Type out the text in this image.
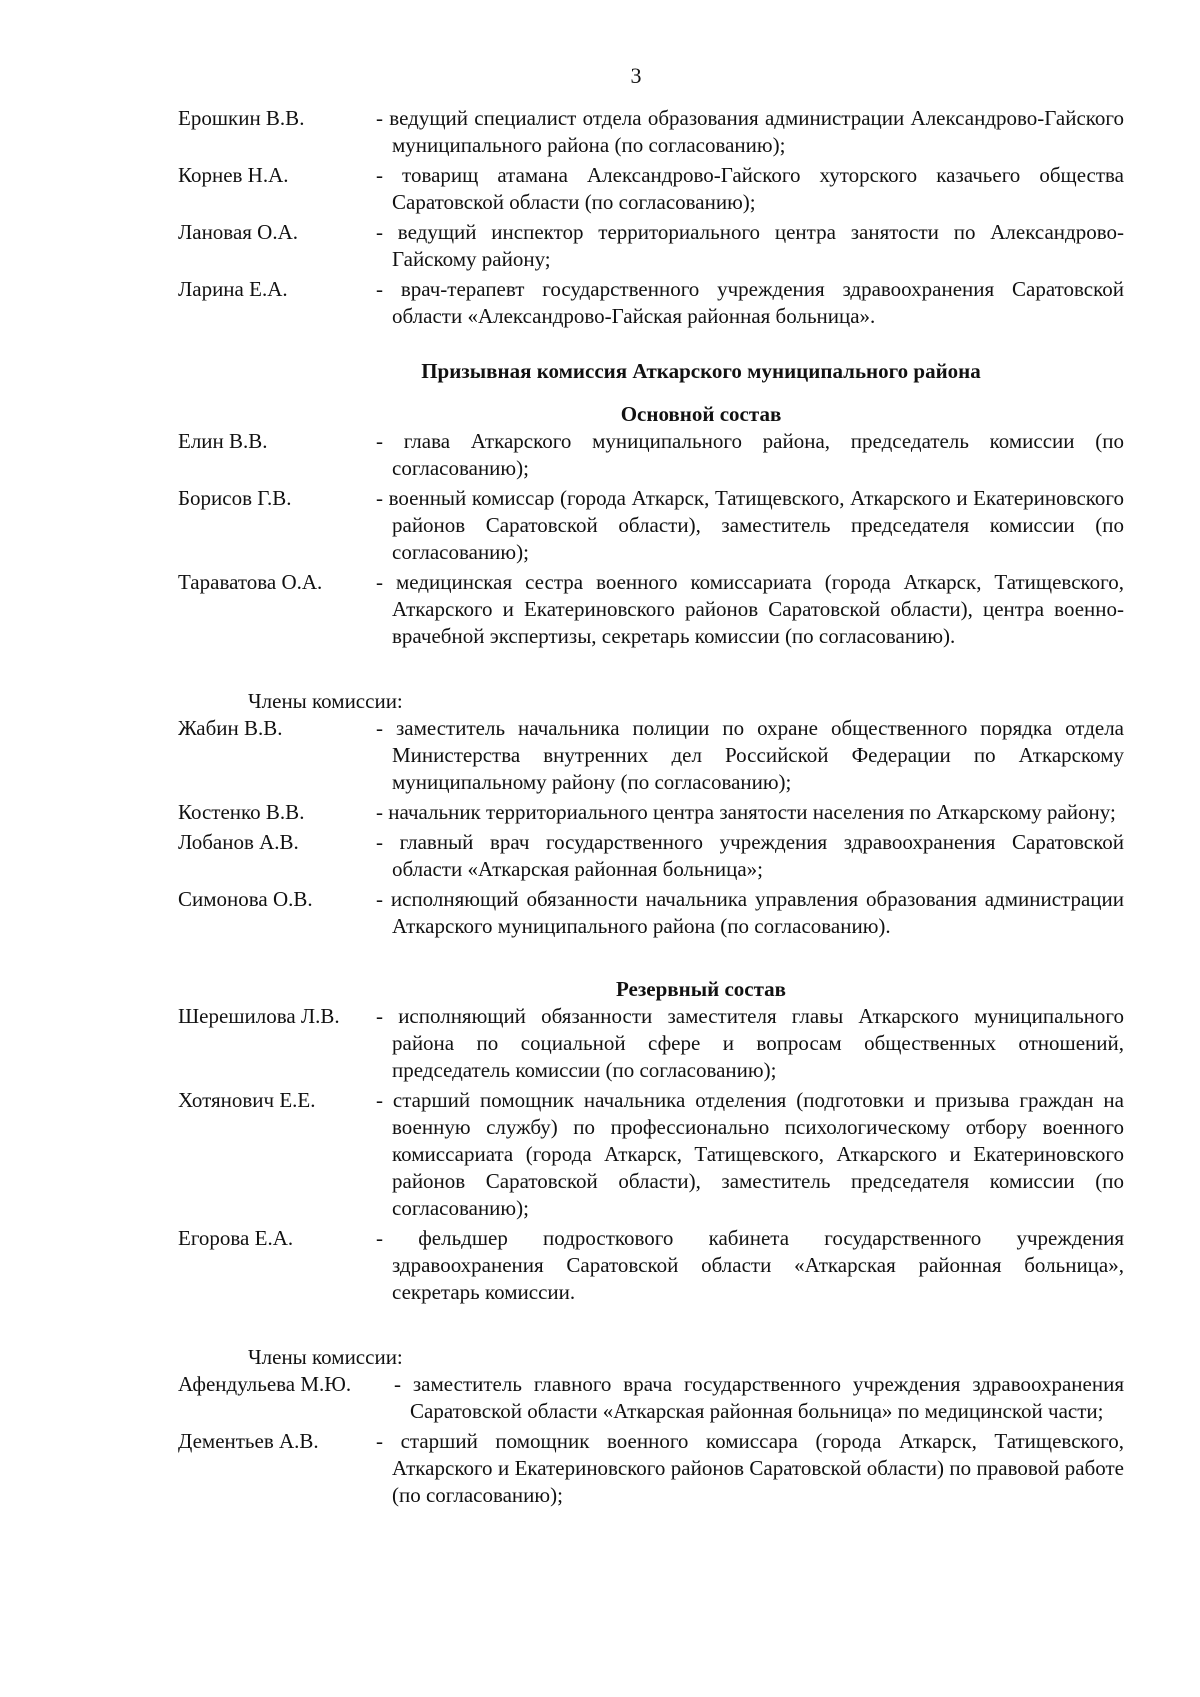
3
Ерошкин В.В.	- ведущий специалист отдела образования администрации Александрово-Гайского муниципального района (по согласованию);
Корнев Н.А.	- товарищ атамана Александрово-Гайского хуторского казачьего общества Саратовской области (по согласованию);
Лановая О.А.	- ведущий инспектор территориального центра занятости по Александрово-Гайскому району;
Ларина Е.А.	- врач-терапевт государственного учреждения здравоохранения Саратовской области «Александрово-Гайская районная больница».
Призывная комиссия Аткарского муниципального района
Основной состав
Елин В.В.	- глава Аткарского муниципального района, председатель комиссии (по согласованию);
Борисов Г.В.	- военный комиссар (города Аткарск, Татищевского, Аткарского и Екатериновского районов Саратовской области), заместитель председателя комиссии (по согласованию);
Тараватова О.А.	- медицинская сестра военного комиссариата (города Аткарск, Татищевского, Аткарского и Екатериновского районов Саратовской области), центра военно-врачебной экспертизы, секретарь комиссии (по согласованию).
Члены комиссии:
Жабин В.В.	- заместитель начальника полиции по охране общественного порядка отдела Министерства внутренних дел Российской Федерации по Аткарскому муниципальному району (по согласованию);
Костенко В.В.	- начальник территориального центра занятости населения по Аткарскому району;
Лобанов А.В.	- главный врач государственного учреждения здравоохранения Саратовской области «Аткарская районная больница»;
Симонова О.В.	- исполняющий обязанности начальника управления образования администрации Аткарского муниципального района (по согласованию).
Резервный состав
Шерешилова Л.В.	- исполняющий обязанности заместителя главы Аткарского муниципального района по социальной сфере и вопросам общественных отношений, председатель комиссии (по согласованию);
Хотянович Е.Е.	- старший помощник начальника отделения (подготовки и призыва граждан на военную службу) по профессионально психологическому отбору военного комиссариата (города Аткарск, Татищевского, Аткарского и Екатериновского районов Саратовской области), заместитель председателя комиссии (по согласованию);
Егорова Е.А.	- фельдшер подросткового кабинета государственного учреждения здравоохранения Саратовской области «Аткарская районная больница», секретарь комиссии.
Члены комиссии:
Афендульева М.Ю.	- заместитель главного врача государственного учреждения здравоохранения Саратовской области «Аткарская районная больница» по медицинской части;
Дементьев А.В.	- старший помощник военного комиссара (города Аткарск, Татищевского, Аткарского и Екатериновского районов Саратовской области) по правовой работе (по согласованию);
